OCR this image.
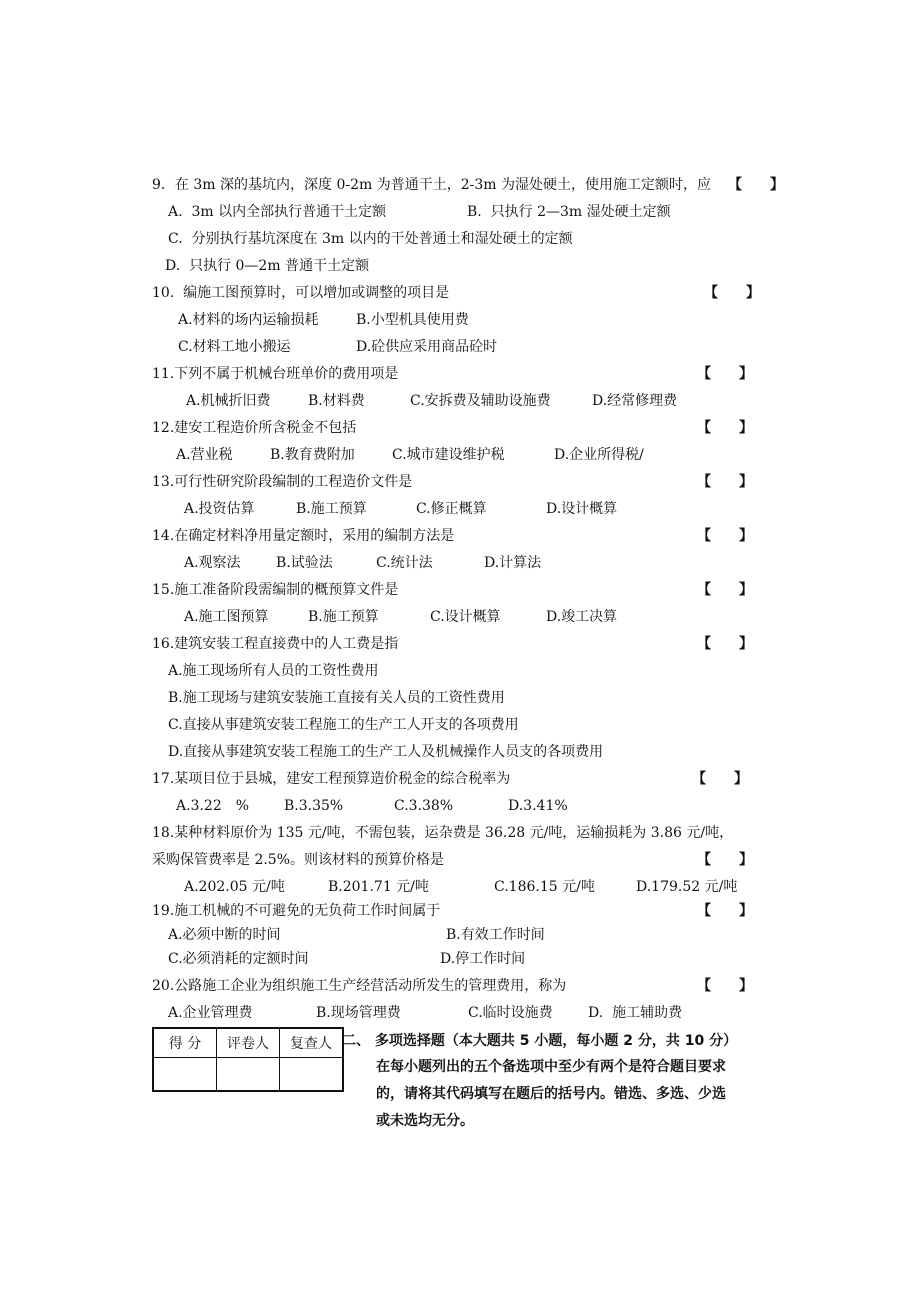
9．在 3m 深的基坑内，深度 0-2m 为普通干土，2-3m 为湿处硬土，使用施工定额时，应 【　　】
A.  3m 以内全部执行普通干土定额	B.  只执行 2—3m 湿处硬土定额
C.  分别执行基坑深度在 3m 以内的干处普通土和湿处硬土的定额
D.  只执行 0—2m 普通干土定额
10.  编施工图预算时，可以增加或调整的项目是	【　　】
A.材料的场内运输损耗	B.小型机具使用费
C.材料工地小搬运	D.砼供应采用商品砼时
11.下列不属于机械台班单价的费用项是	【　　】
A.机械折旧费	B.材料费	C.安拆费及辅助设施费	D.经常修理费
12.建安工程造价所含税金不包括	【　　】
A.营业税	B.教育费附加	C.城市建设维护税	D.企业所得税/
13.可行性研究阶段编制的工程造价文件是	【　　】
A.投资估算	B.施工预算	C.修正概算	D.设计概算
14.在确定材料净用量定额时，采用的编制方法是	【　　】
A.观察法	B.试验法	C.统计法	D.计算法
15.施工准备阶段需编制的概预算文件是	【　　】
A.施工图预算	B.施工预算	C.设计概算	D.竣工决算
16.建筑安装工程直接费中的人工费是指	【　　】
A.施工现场所有人员的工资性费用
B.施工现场与建筑安装施工直接有关人员的工资性费用
C.直接从事建筑安装工程施工的生产工人开支的各项费用
D.直接从事建筑安装工程施工的生产工人及机械操作人员支的各项费用
17.某项目位于县城，建安工程预算造价税金的综合税率为	【　　】
A.3.22　% B.3.35%	C.3.38%	D.3.41%
18.某种材料原价为 135 元/吨，不需包装，运杂费是 36.28 元/吨，运输损耗为 3.86 元/吨，
采购保管费率是 2.5%。则该材料的预算价格是	【　　】
A.202.05 元/吨	B.201.71 元/吨	C.186.15 元/吨	D.179.52 元/吨
19.施工机械的不可避免的无负荷工作时间属于	【　　】
A.必须中断的时间	B.有效工作时间
C.必须消耗的定额时间	D.停工作时间
20.公路施工企业为组织施工生产经营活动所发生的管理费用，称为	【　　】
A.企业管理费	B.现场管理费	C.临时设施费	D.  施工辅助费
得 分	评卷人	复查人
		二、 多项选择题（本大题共 5 小题，每小题 2 分，共 10 分）
在每小题列出的五个备选项中至少有两个是符合题目要求
的，请将其代码填写在题后的括号内。错选、多选、少选
或未选均无分。
